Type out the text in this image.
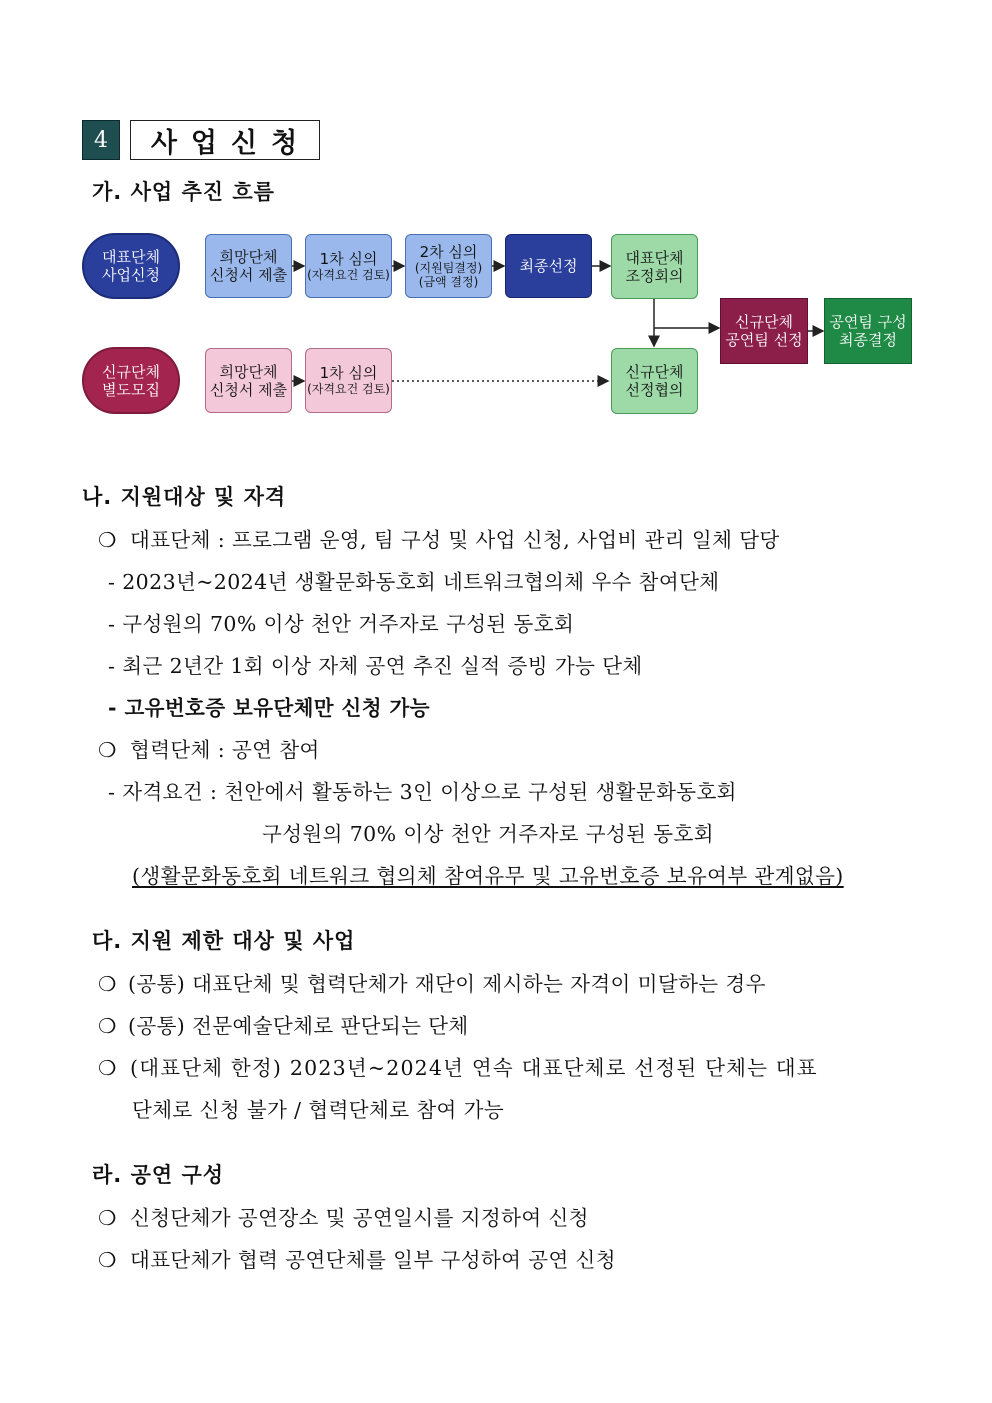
4	사업신청
가. 사업 추진 흐름
대표단체
사업신청
희망단체
신청서 제출
1차 심의
(자격요건 검토)
2차 심의
(지원팀결정)
(금액 결정)
최종선정	대표단체
조정회의
신규단체
공연팀 선정
공연팀 구성
최종결정
신규단체
별도모집
희망단체
신청서 제출
1차 심의
(자격요건 검토)
신규단체
선정협의
나. 지원대상 및 자격
❍ 대표단체 : 프로그램 운영, 팀 구성 및 사업 신청, 사업비 관리 일체 담당
- 2023년~2024년 생활문화동호회 네트워크협의체 우수 참여단체
- 구성원의 70% 이상 천안 거주자로 구성된 동호회
- 최근 2년간 1회 이상 자체 공연 추진 실적 증빙 가능 단체
- 고유번호증 보유단체만 신청 가능
❍ 협력단체 : 공연 참여
- 자격요건 : 천안에서 활동하는 3인 이상으로 구성된 생활문화동호회
구성원의 70% 이상 천안 거주자로 구성된 동호회
(생활문화동호회 네트워크 협의체 참여유무 및 고유번호증 보유여부 관계없음)
다. 지원 제한 대상 및 사업
❍ (공통) 대표단체 및 협력단체가 재단이 제시하는 자격이 미달하는 경우
❍ (공통) 전문예술단체로 판단되는 단체
❍ (대표단체 한정) 2023년~2024년 연속 대표단체로 선정된 단체는 대표
단체로 신청 불가 / 협력단체로 참여 가능
라. 공연 구성
❍ 신청단체가 공연장소 및 공연일시를 지정하여 신청
❍ 대표단체가 협력 공연단체를 일부 구성하여 공연 신청
